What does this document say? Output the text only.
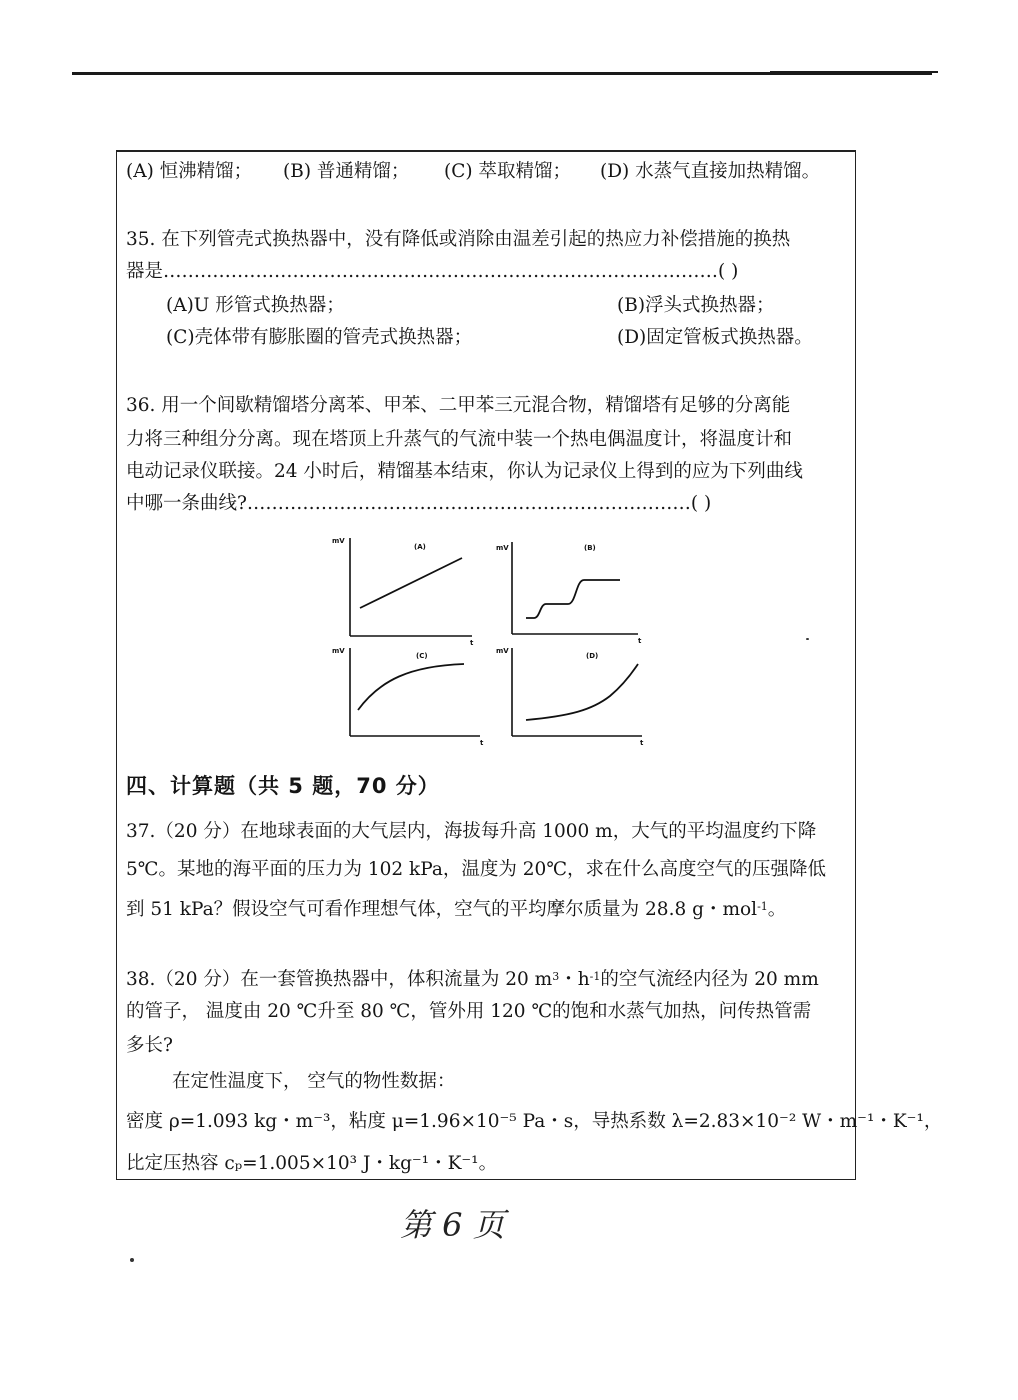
(A) 恒沸精馏； (B) 普通精馏； (C) 萃取精馏； (D) 水蒸气直接加热精馏。
35. 在下列管壳式换热器中，没有降低或消除由温差引起的热应力补偿措施的换热
器是………………………………………………………………………………( )
(A)U 形管式换热器；	(B)浮头式换热器；
(C)壳体带有膨胀圈的管壳式换热器；	(D)固定管板式换热器。
36. 用一个间歇精馏塔分离苯、甲苯、二甲苯三元混合物，精馏塔有足够的分离能
力将三种组分分离。现在塔顶上升蒸气的气流中装一个热电偶温度计，将温度计和
电动记录仪联接。24 小时后，精馏基本结束，你认为记录仪上得到的应为下列曲线
中哪一条曲线?………………………………………………………………( )
mV
(A)
t
mV	(B)
t
mV
(C)
t
mV
(D)
t
四、计算题（共 5 题，70 分）
37.（20 分）在地球表面的大气层内，海拔每升高 1000 m，大气的平均温度约下降
5℃。某地的海平面的压力为 102 kPa，温度为 20℃，求在什么高度空气的压强降低
到 51 kPa？假设空气可看作理想气体，空气的平均摩尔质量为 28.8 g・mol$^{-1}$。
38.（20 分）在一套管换热器中，体积流量为 20 $m^3$・$h^{-1}$的空气流经内径为 20 mm
的管子， 温度由 20 ℃升至 80 ℃，管外用 120 ℃的饱和水蒸气加热，问传热管需
多长?
在定性温度下， 空气的物性数据：
密度 ρ=1.093 kg・m⁻³，粘度 μ=1.96×10⁻⁵ Pa・s，导热系数 λ=2.83×10⁻² W・m⁻¹・K⁻¹，
比定压热容 cₚ=1.005×10³ J・kg⁻¹・K⁻¹。
第 6 页
